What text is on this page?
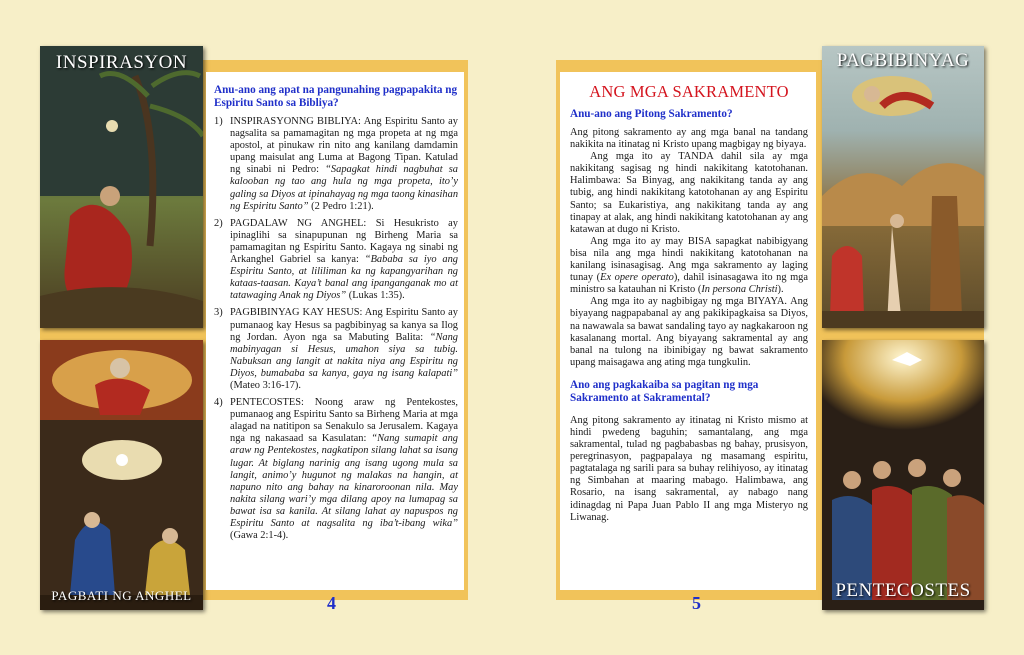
INSPIRASYON
PAGBATI NG ANGHEL
Anu-ano ang apat na pangunahing pagpapakita ng Espiritu Santo sa Bibliya?
1) INSPIRASYONNG BIBLIYA: Ang Espiritu Santo ay nagsalita sa pamamagitan ng mga propeta at ng mga apostol, at pinukaw rin nito ang kanilang damdamin upang maisulat ang Luma at Bagong Tipan. Katulad ng sinabi ni Pedro: “Sapagkat hindi nagbuhat sa kalooban ng tao ang hula ng mga propeta, ito’y galing sa Diyos at ipinahayag ng mga taong kinasihan ng Espiritu Santo” (2 Pedro 1:21).
2) PAGDALAW NG ANGHEL: Si Hesukristo ay ipinaglihi sa sinapupunan ng Birheng Maria sa pamamagitan ng Espiritu Santo. Kagaya ng sinabi ng Arkanghel Gabriel sa kanya: “Bababa sa iyo ang Espiritu Santo, at lililiman ka ng kapangyarihan ng kataas-taasan. Kaya’t banal ang ipanganganak mo at tatawaging Anak ng Diyos” (Lukas 1:35).
3) PAGBIBINYAG KAY HESUS: Ang Espiritu Santo ay pumanaog kay Hesus sa pagbibinyag sa kanya sa Ilog ng Jordan. Ayon nga sa Mabuting Balita: “Nang mabinyagan si Hesus, umahon siya sa tubig. Nabuksan ang langit at nakita niya ang Espiritu ng Diyos, bumababa sa kanya, gaya ng isang kalapati” (Mateo 3:16-17).
4) PENTECOSTES: Noong araw ng Pentekostes, pumanaog ang Espiritu Santo sa Birheng Maria at mga alagad na natitipon sa Senakulo sa Jerusalem. Kagaya nga ng nakasaad sa Kasulatan: “Nang sumapit ang araw ng Pentekostes, nagkatipon silang lahat sa isang lugar. At biglang narinig ang isang ugong mula sa langit, animo’y hugunot ng malakas na hangin, at napuno nito ang bahay na kinaroroonan nila. May nakita silang wari’y mga dilang apoy na lumapag sa bawat isa sa kanila. At silang lahat ay napuspos ng Espiritu Santo at nagsalita ng iba’t-ibang wika” (Gawa 2:1-4).
4
ANG MGA SAKRAMENTO
Anu-ano ang Pitong Sakramento?

Ang pitong sakramento ay ang mga banal na tandang nakikita na itinatag ni Kristo upang magbigay ng biyaya.

Ang mga ito ay TANDA dahil sila ay mga nakikitang sagisag ng hindi nakikitang katotohanan. Halimbawa: Sa Binyag, ang nakikitang tanda ay ang tubig, ang hindi nakikitang katotohanan ay ang Espiritu Santo; sa Eukaristiya, ang nakikitang tanda ay ang tinapay at alak, ang hindi nakikitang katotohanan ay ang katawan at dugo ni Kristo.

Ang mga ito ay may BISA sapagkat nabibigyang bisa nila ang mga hindi nakikitang katotohanan na kanilang isinasagisag. Ang mga sakramento ay laging tunay (Ex opere operato), dahil isinasagawa ito ng mga ministro sa katauhan ni Kristo (In persona Christi).

Ang mga ito ay nagbibigay ng mga BIYAYA. Ang biyayang nagpapabanal ay ang pakikipagkaisa sa Diyos, na nawawala sa bawat sandaling tayo ay nagkakaroon ng kasalanang mortal. Ang biyayang sakramental ay ang banal na tulong na ibinibigay ng bawat sakramento upang maisagawa ang ating mga tungkulin.

Ano ang pagkakaiba sa pagitan ng mga Sakramento at Sakramental?

Ang pitong sakramento ay itinatag ni Kristo mismo at hindi pwedeng baguhin; samantalang, ang mga sakramental, tulad ng pagbabasbas ng bahay, prusisyon, peregrinasyon, pagpapalaya ng masamang espiritu, pagtatalaga ng sarili para sa buhay relihiyoso, ay itinatag ng Simbahan at maaring mabago. Halimbawa, ang Rosario, na isang sakramental, ay nabago nang idinagdag ni Papa Juan Pablo II ang mga Misteryo ng Liwanag.

5
PAGBIBINYAG
PENTECOSTES
